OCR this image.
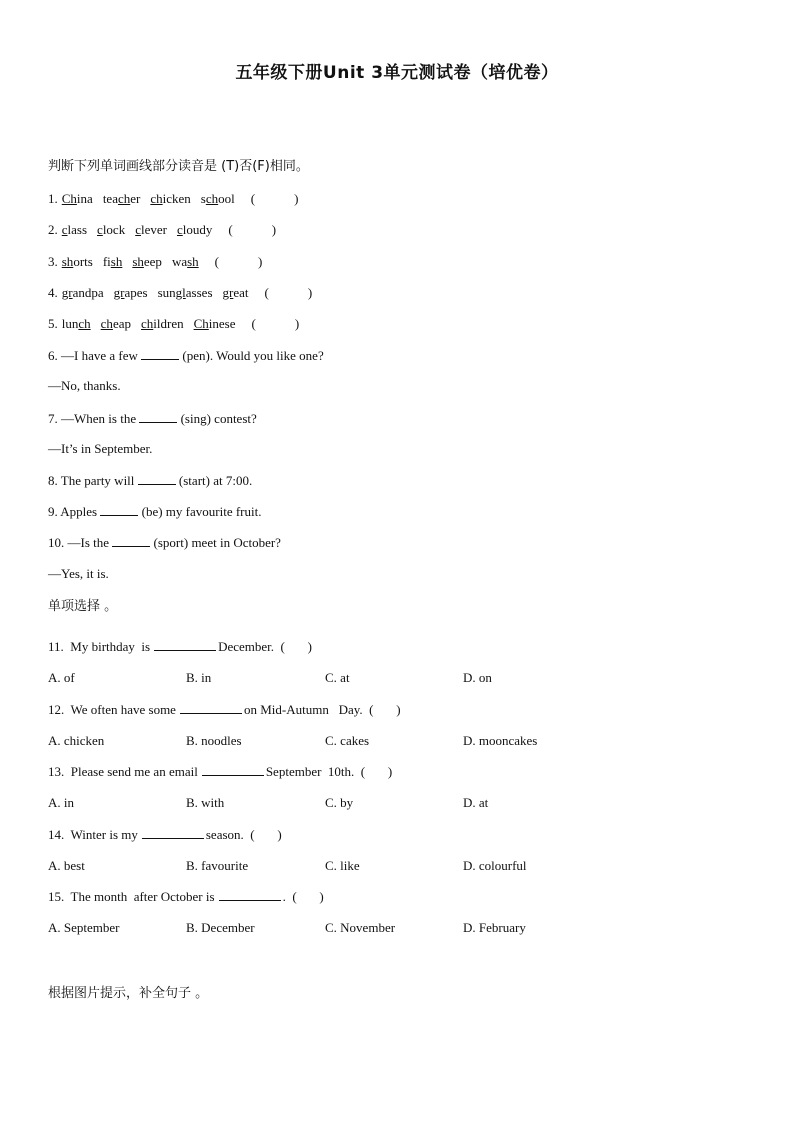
五年级下册Unit 3单元测试卷（培优卷）
判断下列单词画线部分读音是 (T)否(F)相同。
1. China teacher chicken school (            )
2. class clock clever cloudy (            )
3. shorts fish sheep wash (            )
4. grandpa grapes sunglasses great (            )
5. lunch cheap children Chinese (            )
6. —I have a few	(pen). Would you like one?
—No, thanks.
7. —When is the	(sing) contest?
—It’s in September.
8. The party will	(start) at 7:00.
9. Apples	(be) my favourite fruit.
10. —Is the	(sport) meet in October?
—Yes, it is.
单项选择 。
11.  My birthday  is	December.  (       )
A. of	B. in	C. at	D. on
12.  We often have some	on Mid-Autumn   Day.  (       )
A. chicken	B. noodles	C. cakes	D. mooncakes
13.  Please send me an email	September  10th.  (       )
A. in	B. with	C. by	D. at
14.  Winter is my	season.  (       )
A. best	B. favourite	C. like	D. colourful
15.  The month  after October is	.  (       )
A. September	B. December	C. November	D. February
根据图片提示，补全句子 。
